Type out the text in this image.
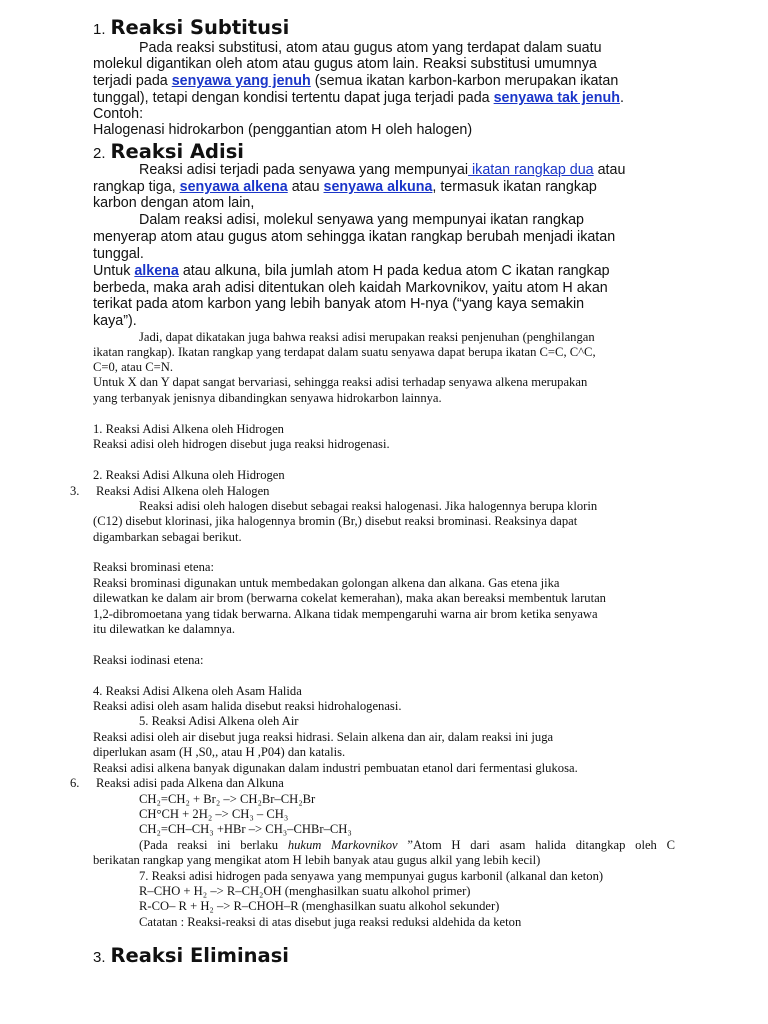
1. Reaksi Subtitusi
Pada reaksi substitusi, atom atau gugus atom yang terdapat dalam suatu
molekul digantikan oleh atom atau gugus atom lain. Reaksi substitusi umumnya
terjadi pada senyawa yang jenuh (semua ikatan karbon-karbon merupakan ikatan
tunggal), tetapi dengan kondisi tertentu dapat juga terjadi pada senyawa tak jenuh.
Contoh:
Halogenasi hidrokarbon (penggantian atom H oleh halogen)
2. Reaksi Adisi
Reaksi adisi terjadi pada senyawa yang mempunyai ikatan rangkap dua atau
rangkap tiga, senyawa alkena atau senyawa alkuna, termasuk ikatan rangkap
karbon dengan atom lain,
Dalam reaksi adisi, molekul senyawa yang mempunyai ikatan rangkap
menyerap atom atau gugus atom sehingga ikatan rangkap berubah menjadi ikatan
tunggal.
Untuk alkena atau alkuna, bila jumlah atom H pada kedua atom C ikatan rangkap
berbeda, maka arah adisi ditentukan oleh kaidah Markovnikov, yaitu atom H akan
terikat pada atom karbon yang lebih banyak atom H-nya (“yang kaya semakin
kaya”).
Jadi, dapat dikatakan juga bahwa reaksi adisi merupakan reaksi penjenuhan (penghilangan
ikatan rangkap). Ikatan rangkap yang terdapat dalam suatu senyawa dapat berupa ikatan C=C, C^C,
C=0, atau C=N.
Untuk X dan Y dapat sangat bervariasi, sehingga reaksi adisi terhadap senyawa alkena merupakan
yang terbanyak jenisnya dibandingkan senyawa hidrokarbon lainnya.
1. Reaksi Adisi Alkena oleh Hidrogen
Reaksi adisi oleh hidrogen disebut juga reaksi hidrogenasi.
2. Reaksi Adisi Alkuna oleh Hidrogen
3. Reaksi Adisi Alkena oleh Halogen
Reaksi adisi oleh halogen disebut sebagai reaksi halogenasi. Jika halogennya berupa klorin
(C12) disebut klorinasi, jika halogennya bromin (Br,) disebut reaksi brominasi. Reaksinya dapat
digambarkan sebagai berikut.
Reaksi brominasi etena:
Reaksi brominasi digunakan untuk membedakan golongan alkena dan alkana. Gas etena jika
dilewatkan ke dalam air brom (berwarna cokelat kemerahan), maka akan bereaksi membentuk larutan
1,2-dibromoetana yang tidak berwarna. Alkana tidak mempengaruhi warna air brom ketika senyawa
itu dilewatkan ke dalamnya.
Reaksi iodinasi etena:
4. Reaksi Adisi Alkena oleh Asam Halida
Reaksi adisi oleh asam halida disebut reaksi hidrohalogenasi.
5. Reaksi Adisi Alkena oleh Air
Reaksi adisi oleh air disebut juga reaksi hidrasi. Selain alkena dan air, dalam reaksi ini juga
diperlukan asam (H ,S0,, atau H ,P04) dan katalis.
Reaksi adisi alkena banyak digunakan dalam industri pembuatan etanol dari fermentasi glukosa.
6. Reaksi adisi pada Alkena dan Alkuna
CH₂=CH₂ + Br₂ –> CH₂Br–CH₂Br
CH°CH + 2H₂ –> CH₃ – CH₃
CH₂=CH–CH₃ +HBr –> CH₃–CHBr–CH₃
(Pada reaksi ini berlaku hukum Markovnikov ”Atom H dari asam halida ditangkap oleh C
berikatan rangkap yang mengikat atom H lebih banyak atau gugus alkil yang lebih kecil)
7. Reaksi adisi hidrogen pada senyawa yang mempunyai gugus karbonil (alkanal dan keton)
R–CHO + H₂ –> R–CH₂OH (menghasilkan suatu alkohol primer)
R-CO– R + H₂ –> R–CHOH–R (menghasilkan suatu alkohol sekunder)
Catatan : Reaksi-reaksi di atas disebut juga reaksi reduksi aldehida da keton
3. Reaksi Eliminasi
